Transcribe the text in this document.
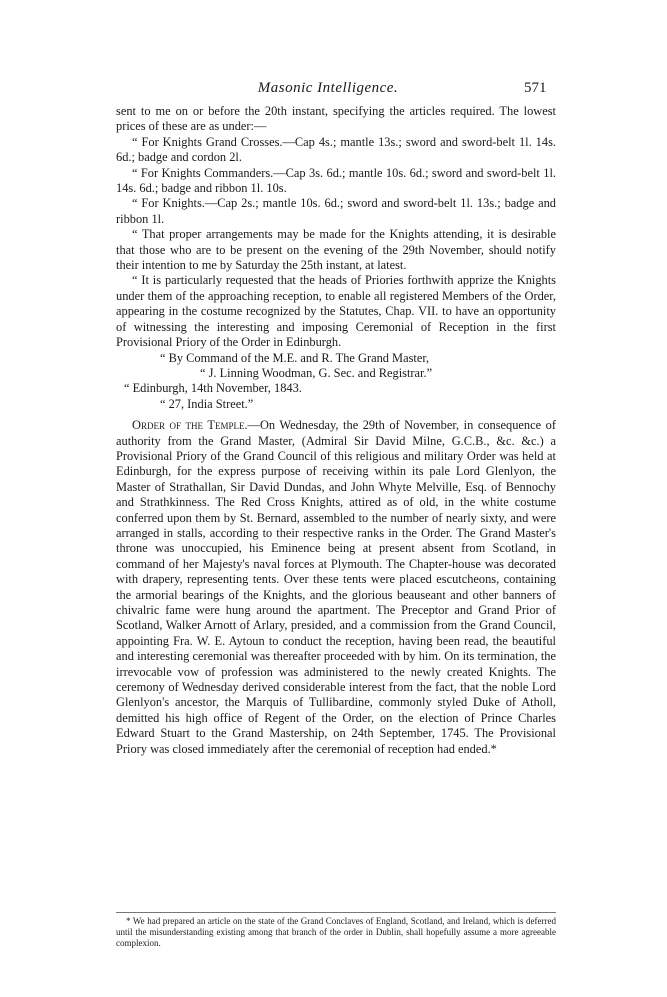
Masonic Intelligence.	571

sent to me on or before the 20th instant, specifying the articles required. The lowest prices of these are as under:—

“ For Knights Grand Crosses.—Cap 4s.; mantle 13s.; sword and sword-belt 1l. 14s. 6d.; badge and cordon 2l.

“ For Knights Commanders.—Cap 3s. 6d.; mantle 10s. 6d.; sword and sword-belt 1l. 14s. 6d.; badge and ribbon 1l. 10s.

“ For Knights.—Cap 2s.; mantle 10s. 6d.; sword and sword-belt 1l. 13s.; badge and ribbon 1l.

“ That proper arrangements may be made for the Knights attending, it is desirable that those who are to be present on the evening of the 29th November, should notify their intention to me by Saturday the 25th instant, at latest.

“ It is particularly requested that the heads of Priories forthwith apprize the Knights under them of the approaching reception, to enable all registered Members of the Order, appearing in the costume recognized by the Statutes, Chap. VII. to have an opportunity of witnessing the interesting and imposing Ceremonial of Reception in the first Provisional Priory of the Order in Edinburgh.

“ By Command of the M.E. and R. The Grand Master,

“ J. Linning Woodman, G. Sec. and Registrar.”

“ Edinburgh, 14th November, 1843.

“ 27, India Street.”

Order of the Temple.—On Wednesday, the 29th of November, in consequence of authority from the Grand Master, (Admiral Sir David Milne, G.C.B., &c. &c.) a Provisional Priory of the Grand Council of this religious and military Order was held at Edinburgh, for the express purpose of receiving within its pale Lord Glenlyon, the Master of Strathallan, Sir David Dundas, and John Whyte Melville, Esq. of Bennochy and Strathkinness. The Red Cross Knights, attired as of old, in the white costume conferred upon them by St. Bernard, assembled to the number of nearly sixty, and were arranged in stalls, according to their respective ranks in the Order. The Grand Master's throne was unoccupied, his Eminence being at present absent from Scotland, in command of her Majesty's naval forces at Plymouth. The Chapter-house was decorated with drapery, representing tents. Over these tents were placed escutcheons, containing the armorial bearings of the Knights, and the glorious beauseant and other banners of chivalric fame were hung around the apartment. The Preceptor and Grand Prior of Scotland, Walker Arnott of Arlary, presided, and a commission from the Grand Council, appointing Fra. W. E. Aytoun to conduct the reception, having been read, the beautiful and interesting ceremonial was thereafter proceeded with by him. On its termination, the irrevocable vow of profession was administered to the newly created Knights. The ceremony of Wednesday derived considerable interest from the fact, that the noble Lord Glenlyon's ancestor, the Marquis of Tullibardine, commonly styled Duke of Atholl, demitted his high office of Regent of the Order, on the election of Prince Charles Edward Stuart to the Grand Mastership, on 24th September, 1745. The Provisional Priory was closed immediately after the ceremonial of reception had ended.*

* We had prepared an article on the state of the Grand Conclaves of England, Scotland, and Ireland, which is deferred until the misunderstanding existing among that branch of the order in Dublin, shall hopefully assume a more agreeable complexion.
